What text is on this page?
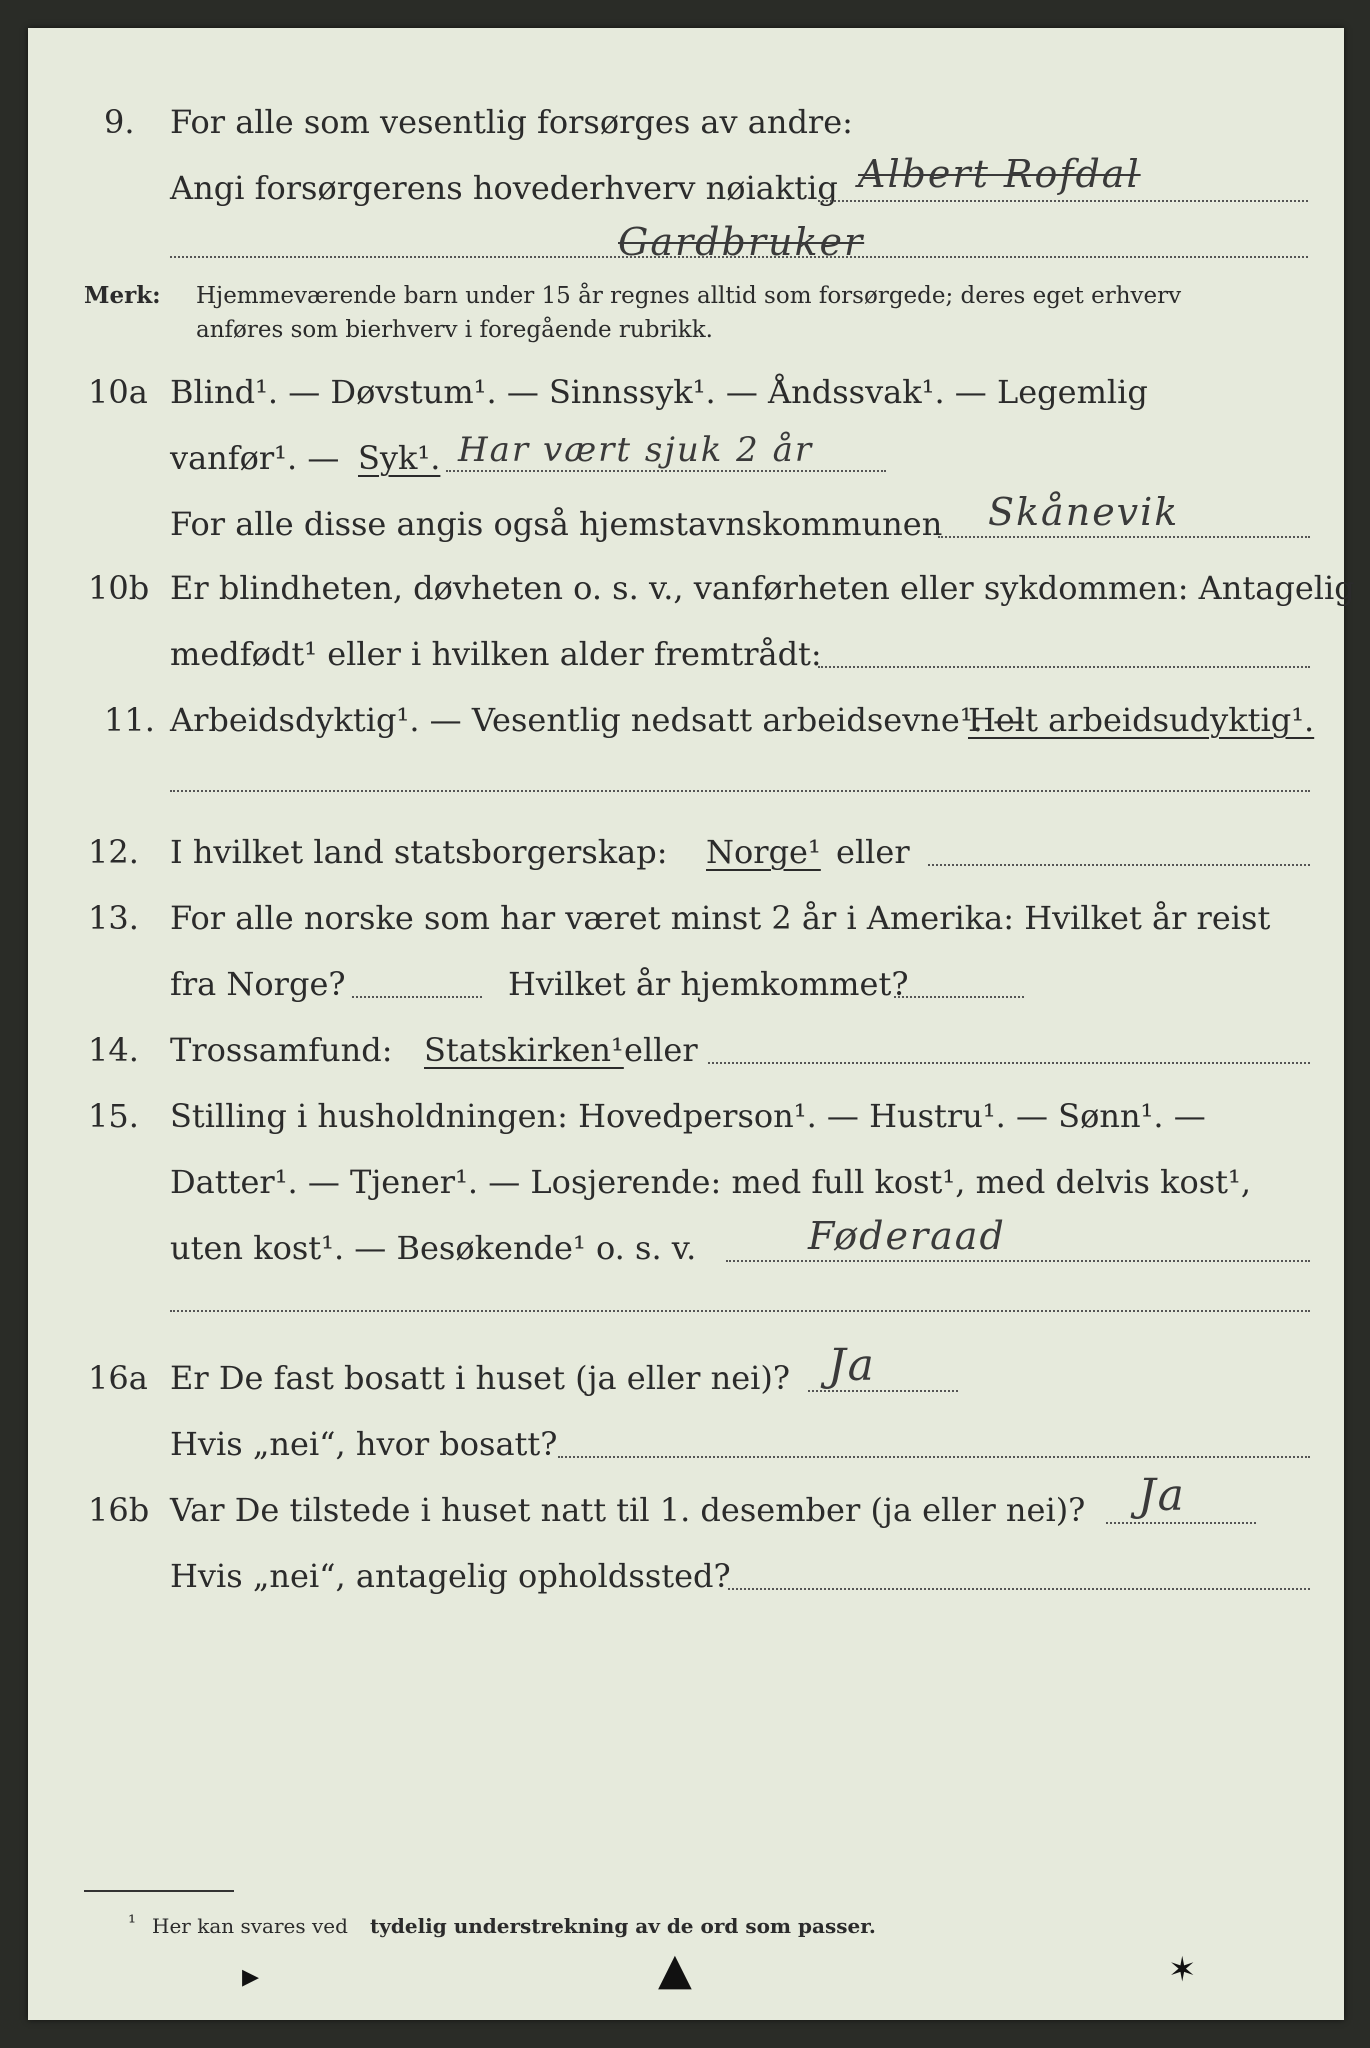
9. For alle som vesentlig forsørges av andre:
Angi forsørgerens hovederhverv nøiaktig Albert Rofdal
Gardbruker
Merk: Hjemmeværende barn under 15 år regnes alltid som forsørgede; deres eget erhverv
anføres som bierhverv i foregående rubrikk.
10a Blind¹. — Døvstum¹. — Sinnssyk¹. — Åndssvak¹. — Legemlig
vanfør¹. — Syk¹. Har vært sjuk 2 år
For alle disse angis også hjemstavnskommunen Skånevik
10b Er blindheten, døvheten o. s. v., vanførheten eller sykdommen: Antagelig
medfødt¹ eller i hvilken alder fremtrådt:
11. Arbeidsdyktig¹. — Vesentlig nedsatt arbeidsevne¹. —
Helt arbeidsudyktig¹.
12. I hvilket land statsborgerskap: Norge¹ eller
13. For alle norske som har været minst 2 år i Amerika: Hvilket år reist
fra Norge?	Hvilket år hjemkommet?
14. Trossamfund: Statskirken¹ eller
15. Stilling i husholdningen: Hovedperson¹. — Hustru¹. — Sønn¹. —
Datter¹. — Tjener¹. — Losjerende: med full kost¹, med delvis kost¹,
uten kost¹. — Besøkende¹ o. s. v.	Føderaad
16a Er De fast bosatt i huset (ja eller nei)? Ja
Hvis „nei“, hvor bosatt?
16b Var De tilstede i huset natt til 1. desember (ja eller nei)? Ja
Hvis „nei“, antagelig opholdssted?
¹ Her kan svares ved tydelig understrekning av de ord som passer.
▸	▲	✶
